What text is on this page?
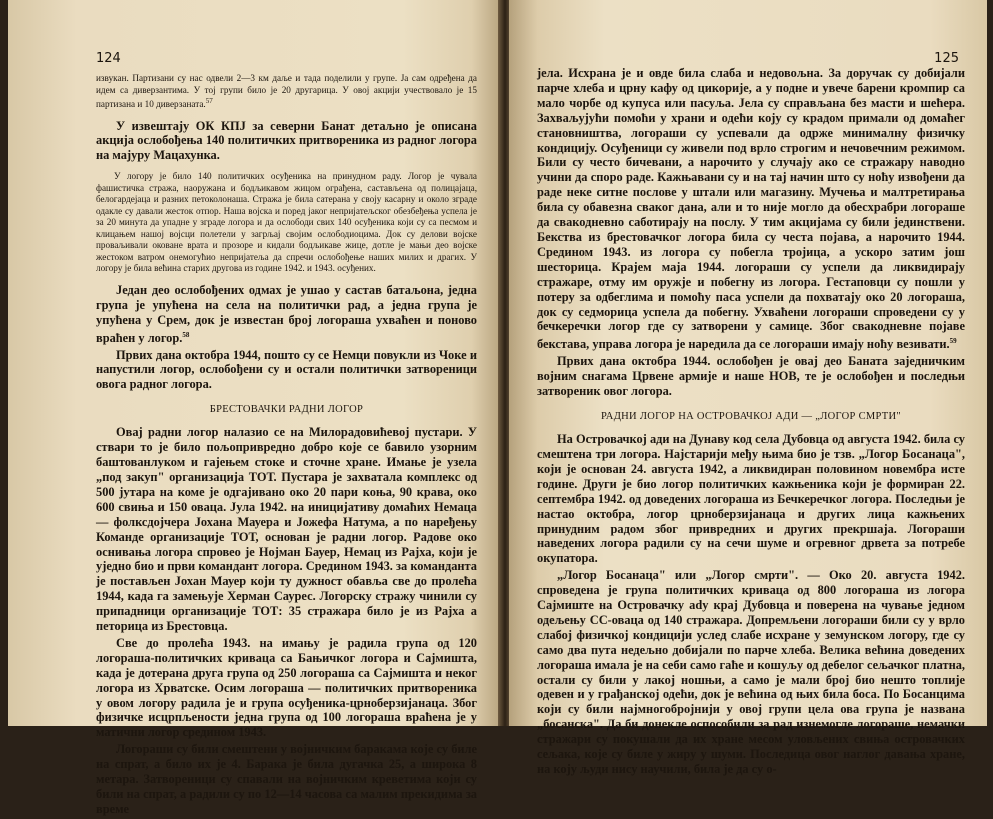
124

извукан. Партизани су нас одвели 2—3 км даље и тада поделили у групе. Ја сам одређена да идем са диверзантима. У тој групи било је 20 другарица. У овој акцији учествовало је 15 партизана и 10 диверзаната.$^{57}$

У извештају ОК КПЈ за северни Банат детаљно је описана акција ослобођења 140 политичких притвореника из радног логора на мајуру Мацахунка.

У логору је било 140 политичких осуђеника на принудном раду. Логор је чувала фашистичка стража, наоружана и бодљикавом жицом ограђена, састављена од полицајаца, белогардејаца и разних петоколонаша. Стража је била сатерана у своју касарну и около зграде одакле су давали жесток отпор. Наша војска и поред јаког непријатељског обезбеђења успела је за 20 минута да упадне у зграде логора и да ослободи свих 140 осуђеника који су са песмом и клицањем нашој војсци полетели у загрљај својим ослободиоцима. Док су делови војске проваљивали оковане врата и прозоре и кидали бодљикаве жице, дотле је мањи део војске жестоком ватром онемогућио непријатеља да спречи ослобођење наших милих и драгих. У логору је била већина старих другова из године 1942. и 1943. осуђених.

Један део ослобођених одмах је ушао у састав батаљона, једна група је упућена на села на политички рад, а једна група је упућена у Срем, док је известан број логораша ухваћен и поново враћен у логор.$^{58}$

Првих дана октобра 1944, пошто су се Немци повукли из Чоке и напустили логор, ослобођени су и остали политички затвореници овога радног логора.

БРЕСТОВАЧКИ РАДНИ ЛОГОР

Овај радни логор налазио се на Милорадовићевој пустари. У ствари то је било пољопривредно добро које се бавило узорним баштованлуком и гајењем стоке и сточне хране. Имање је узела „под закуп" организација ТОТ. Пустара је захватала комплекс од 500 јутара на коме је одгајивано око 20 пари коња, 90 крава, око 600 свиња и 150 оваца. Јула 1942. на иницијативу домаћих Немаца — фолксдојчера Јохана Мауера и Јожефа Натума, а по наређењу Команде организације ТОТ, основан је радни логор. Радове око оснивања логора спровео је Нојман Бауер, Немац из Рајха, који је уједно био и први командант логора. Средином 1943. за команданта је постављен Јохан Мауер који ту дужност обавља све до пролећа 1944, када га замењује Херман Саурес. Логорску стражу чинили су припадници организације ТОТ: 35 стражара било је из Рајха а петорица из Брестовца.

Све до пролећа 1943. на имању је радила група од 120 логораша-политичких кривaца са Бањичког логора и Сајмишта, када је дотерана друга група од 250 логораша са Сајмишта и неког логора из Хрватске. Осим логораша — политичких притвореника у овом логору радила је и група осуђеника-црноберзијанаца. Због физичке исцрпљености једна група од 100 логораша враћена је у матични логор средином 1943.

Логораши су били смештени у војничким баракама које су биле на спрат, а било их је 4. Барака је била дугачка 25, а широка 8 метара. Затвореници су спавали на војничким креветима који су били на спрат, а радили су по 12—14 часова са малим прекидима за време

125

јела. Исхрана је и овде била слаба и недовољна. За доручак су добијали парче хлеба и црну кафу од цикорије, а у подне и увече барени кромпир са мало чорбе од купуса или пасуља. Јела су справљана без масти и шећера. Захваљујући помоћи у храни и одећи коју су крадом примали од домаћег становништва, логораши су успевали да одрже минималну физичку кондицију. Осуђеници су живели под врло строгим и нечовечним режимом. Били су често бичевани, а нарочито у случају ако се стражару наводно учини да споро раде. Кажњавани су и на тај начин што су ноћу извођени да раде неке ситне послове у штали или магазину. Мучења и малтретирања била су обавезна сваког дана, али и то није могло да обесхрабри логораше да свакодневно саботирају на послу. У тим акцијама су били јединствени. Бекства из брестовачког логора била су честа појава, а нарочито 1944. Средином 1943. из логора су побегла тројица, а ускоро затим још шесторица. Крајем маја 1944. логораши су успели да ликвидирају стражаре, отму им оружје и побегну из логора. Гестаповци су пошли у потеру за одбеглима и помоћу паса успели да похватају око 20 логораша, док су седморица успела да побегну. Ухваћени логораши спроведени су у бечкеречки логор где су затворени у самице. Због свакодневне појаве бекстава, управа логора је наредила да се логораши имају ноћу везивати.$^{59}$

Првих дана октобра 1944. ослобођен је овај део Баната заједничким војним снагама Црвене армије и наше НОВ, те је ослобођен и последњи затвореник овог логора.

РАДНИ ЛОГОР НА ОСТРОВАЧКОЈ АДИ — „ЛОГОР СМРТИ"

На Островачкој ади на Дунаву код села Дубовца од августа 1942. била су смештена три логора. Најстарији међу њима био је тзв. „Логор Босанаца", који је основан 24. августа 1942, а ликвидиран половином новембра исте године. Други је био логор политичких кажњеника који је формиран 22. септембра 1942. од доведених логораша из Бечкеречког логора. Последњи је настао октобра, логор црноберзијанаца и других лица кажњених принудним радом због привредних и других прекршаја. Логораши наведених логора радили су на сечи шуме и огревног дрвета за потребе окупатора.

„Логор Босанаца" или „Логор смрти". — Око 20. августа 1942. спроведена је група политичких кривaца од 800 логораша из логора Сајмиште на Островачку ady крај Дубовца и поверена на чување једном одељењу СС-оваца од 140 стражара. Допремљени логораши били су у врло слабој физичкој кондицији услед слабе исхране у земунском логору, где су само два пута недељно добијали по парче хлеба. Велика већина доведених логораша имала је на себи само гаће и кошуљу од дебелог сељачког платна, остали су били у лакој ношњи, а само је мали број био нешто топлије одевен и у грађанској одећи, док је већина од њих била боса. По Босанцима који су били најмногобројнији у овој групи цела ова група је названа „босанска". Да би донекле оспособили за рад изнемогле логораше, немачки стражари су покушали да их хране месом уловљених свиња островачких сељака, које су биле у жиру у шуми. Последица овог наглог давања хране, на коју људи нису научили, била је да су о-
